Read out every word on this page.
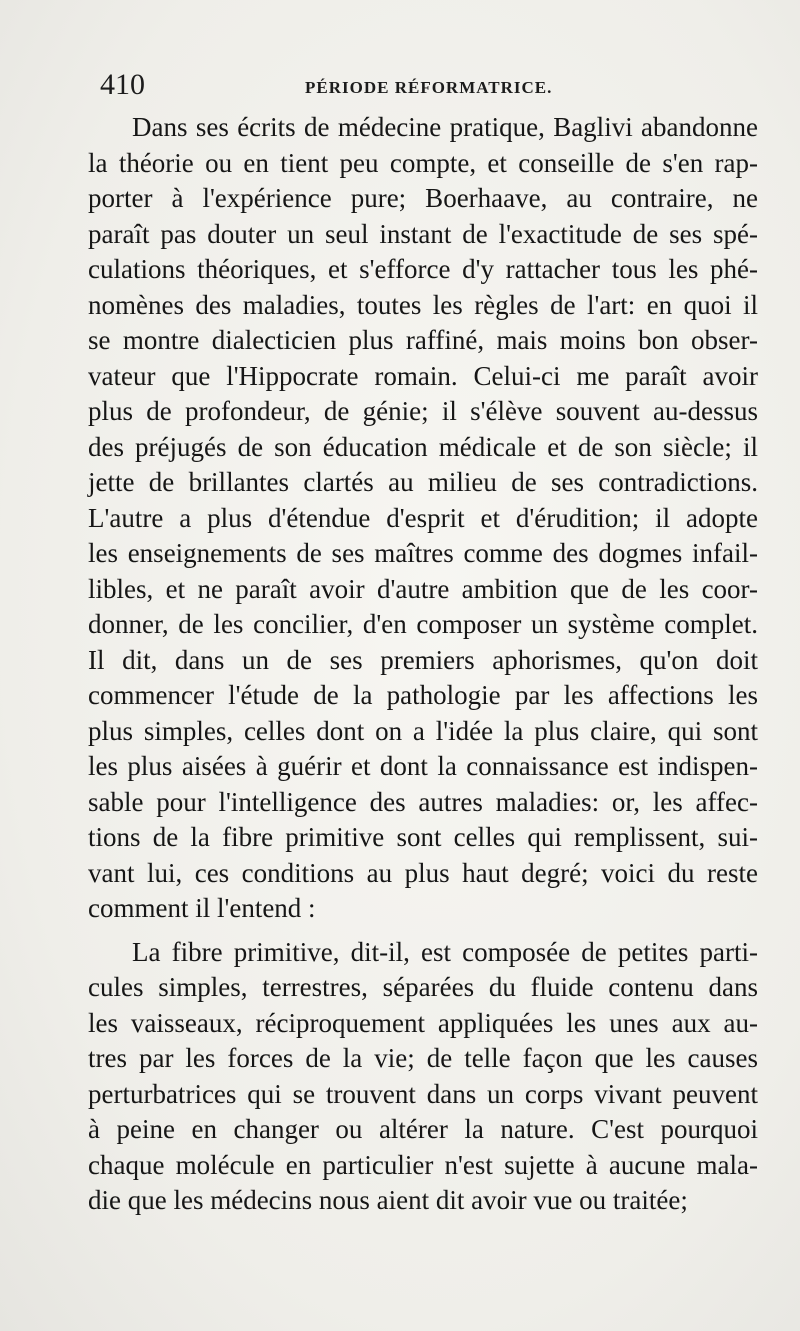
410	PÉRIODE RÉFORMATRICE.
Dans ses écrits de médecine pratique, Baglivi abandonne
la théorie ou en tient peu compte, et conseille de s'en rap-
porter à l'expérience pure; Boerhaave, au contraire, ne
paraît pas douter un seul instant de l'exactitude de ses spé-
culations théoriques, et s'efforce d'y rattacher tous les phé-
nomènes des maladies, toutes les règles de l'art: en quoi il
se montre dialecticien plus raffiné, mais moins bon obser-
vateur que l'Hippocrate romain. Celui-ci me paraît avoir
plus de profondeur, de génie; il s'élève souvent au-dessus
des préjugés de son éducation médicale et de son siècle; il
jette de brillantes clartés au milieu de ses contradictions.
L'autre a plus d'étendue d'esprit et d'érudition; il adopte
les enseignements de ses maîtres comme des dogmes infail-
libles, et ne paraît avoir d'autre ambition que de les coor-
donner, de les concilier, d'en composer un système complet.
Il dit, dans un de ses premiers aphorismes, qu'on doit
commencer l'étude de la pathologie par les affections les
plus simples, celles dont on a l'idée la plus claire, qui sont
les plus aisées à guérir et dont la connaissance est indispen-
sable pour l'intelligence des autres maladies: or, les affec-
tions de la fibre primitive sont celles qui remplissent, sui-
vant lui, ces conditions au plus haut degré; voici du reste
comment il l'entend :
La fibre primitive, dit-il, est composée de petites parti-
cules simples, terrestres, séparées du fluide contenu dans
les vaisseaux, réciproquement appliquées les unes aux au-
tres par les forces de la vie; de telle façon que les causes
perturbatrices qui se trouvent dans un corps vivant peuvent
à peine en changer ou altérer la nature. C'est pourquoi
chaque molécule en particulier n'est sujette à aucune mala-
die que les médecins nous aient dit avoir vue ou traitée;
